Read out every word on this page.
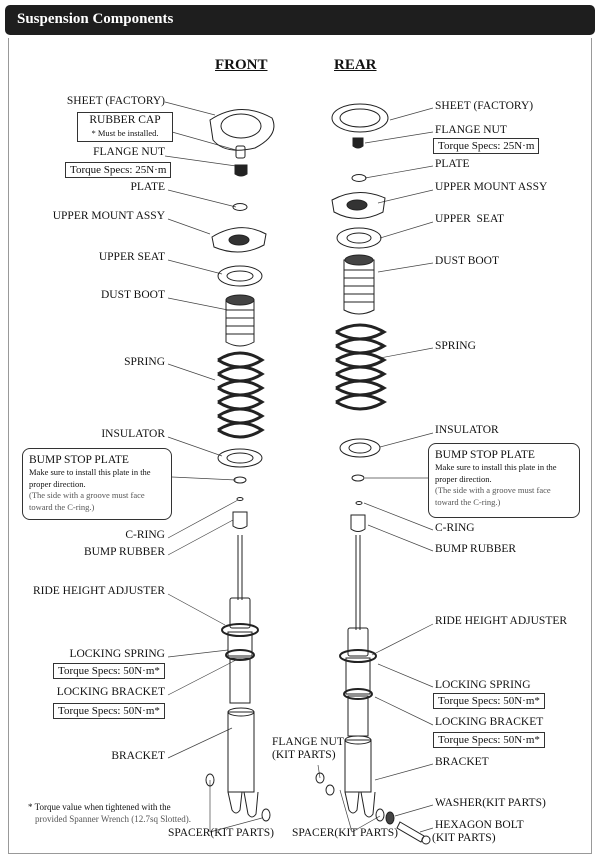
Suspension Components
FRONT	REAR
SHEET (FACTORY)
RUBBER CAP
* Must be installed.
FLANGE NUT
Torque Specs: 25N·m
PLATE
UPPER MOUNT ASSY
UPPER SEAT
DUST BOOT
SPRING
INSULATOR
BUMP STOP PLATE
Make sure to install this plate in the proper direction.
(The side with a groove must face toward the C-ring.)
C-RING
BUMP RUBBER
RIDE HEIGHT ADJUSTER
LOCKING SPRING
Torque Specs: 50N·m*
LOCKING BRACKET
Torque Specs: 50N·m*
BRACKET
* Torque value when tightened with the
provided Spanner Wrench (12.7sq Slotted).
SPACER(KIT PARTS)
SHEET (FACTORY)
FLANGE NUT
Torque Specs: 25N·m
PLATE
UPPER MOUNT ASSY
UPPER  SEAT
DUST BOOT
SPRING
INSULATOR
BUMP STOP PLATE
Make sure to install this plate in the proper direction.
(The side with a groove must face toward the C-ring.)
C-RING
BUMP RUBBER
RIDE HEIGHT ADJUSTER
LOCKING SPRING
Torque Specs: 50N·m*
LOCKING BRACKET
Torque Specs: 50N·m*
BRACKET
WASHER(KIT PARTS)
HEXAGON BOLT
(KIT PARTS)
FLANGE NUT
(KIT PARTS)
SPACER(KIT PARTS)
